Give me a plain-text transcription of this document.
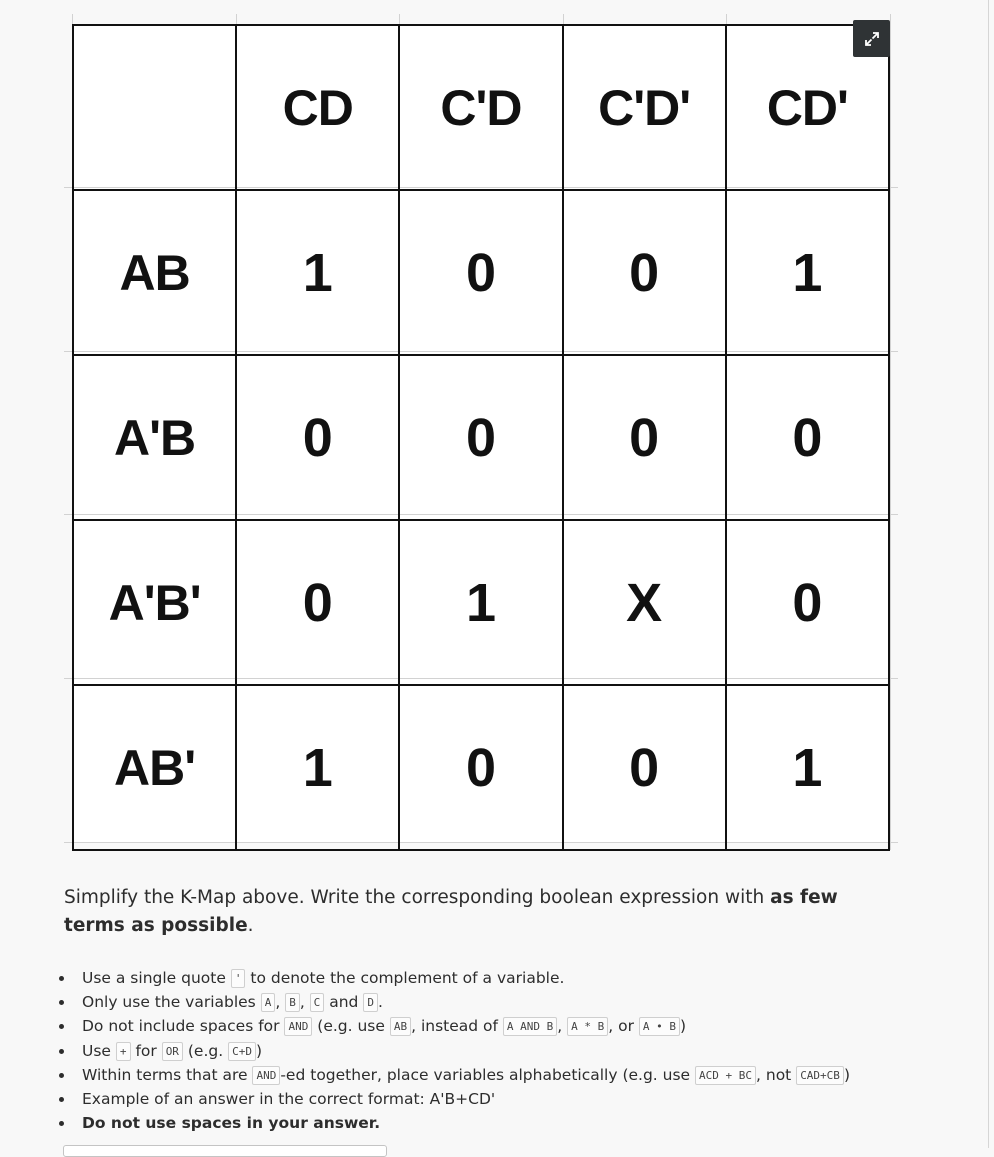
	CD	C'D	C'D'	CD'
AB	1	0	0	1
A'B	0	0	0	0
A'B'	0	1	X	0
AB'	1	0	0	1
Simplify the K-Map above. Write the corresponding boolean expression with as few terms as possible.
Use a single quote ' to denote the complement of a variable.
Only use the variables A , B , C and D .
Do not include spaces for AND (e.g. use AB , instead of A AND B , A * B , or A • B )
Use + for OR (e.g. C+D )
Within terms that are AND -ed together, place variables alphabetically (e.g. use ACD + BC , not CAD+CB )
Example of an answer in the correct format: A'B+CD'
Do not use spaces in your answer.
